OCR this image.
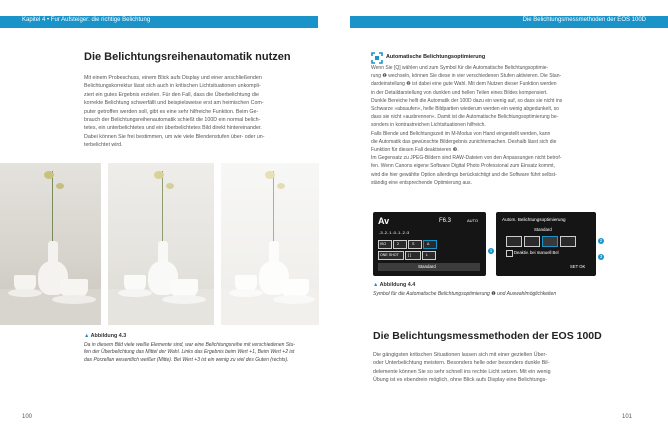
Kapitel 4 • Fur Aufsteiger: die richtige Belichtung	Die Belichtungsmessmethoden der EOS 100D
Die Belichtungsreihenautomatik nutzen
Mit einem Probeschuss, einem Blick aufs Display und einer anschließenden
Belichtungskorrektur lässt sich auch in kritischen Lichtsituationen unkompli-
ziert ein gutes Ergebnis erzielen. Für den Fall, dass die Überbelichtung die
korrekte Belichtung schwerfällt und beispielsweise erst am heimischen Com-
puter getroffen werden soll, gibt es eine sehr hilfreiche Funktion. Beim Ge-
brauch der Belichtungsreihenautomatik schießt die 100D ein normal belich-
tetes, ein unterbelichtetes und ein überbelichtetes Bild direkt hintereinander.
Dabei können Sie frei bestimmen, um wie viele Blendenstufen über- oder un-
terbelichtet wird.
▲ Abbildung 4.3
Da in diesem Bild viele weiße Elemente sind, war eine Belichtungsreihe mit verschiedenen Stu-
fen der Überbelichtung das Mittel der Wahl. Links das Ergebnis beim Wert +1, Beim Wert +2 ist
das Porzellan wesentlich weißer (Mitte). Bei Wert +3 ist ein wenig zu viel des Guten (rechts).
100
Automatische Belichtungsoptimierung
Wenn Sie [Q] wählen und zum Symbol für die Automatische Belichtungsoptimie-
rung ❶ wechseln, können Sie diese in vier verschiedenen Stufen aktivieren. Die Stan-
dardeinstellung ❷ ist dabei eine gute Wahl. Mit dem Nutzen dieser Funktion werden
in der Detaildarstellung von dunklen und hellen Teilen eines Bildes kompensiert.
Dunkle Bereiche hellt die Automatik der 100D dazu ein wenig auf, so dass sie nicht ins
Schwarze »absaufen«, helle Bildpartien wiederum werden ein wenig abgedunkelt, so
dass sie nicht »ausbrennen«. Damit ist die Automatische Belichtungsoptimierung be-
sonders in kontrastreichen Lichtsituationen hilfreich.
Falls Blende und Belichtungszeit im M-Modus von Hand eingestellt werden, kann
die Automatik das gewünschte Bildergebnis zunichtemachen. Deshalb lässt sich die
Funktion für diesen Fall deaktivieren ❸.
Im Gegensatz zu JPEG-Bildern sind RAW-Dateien von den Anpassungen nicht betrof-
fen. Wenn Canons eigene Software Digital Photo Professional zum Einsatz kommt,
wird die hier gewählte Option allerdings berücksichtigt und die Software führt selbst-
ständig eine entsprechende Optimierung aus.
Av	F6.3	AUTO
-3..2..1..0..1..2.:3
ISO	2	S	A
ONE SHOT	[ ]	L
Standard
1
Autom. Belichtungsoptimierung
Standard
Deaktiv. bei manuell Bel
SET OK
2
3
▲ Abbildung 4.4
Symbol für die Automatische Belichtungsoptimierung ❶ und Auswahlmöglichkeiten
Die Belichtungsmessmethoden der EOS 100D
Die gängigsten kritischen Situationen lassen sich mit einer gezielten Über-
oder Unterbelichtung meistern. Besonders helle oder besonders dunkle Bil-
delemente können Sie so sehr schnell ins rechte Licht setzen. Mit ein wenig
Übung ist es ebendrein möglich, ohne Blick aufs Display eine Belichtungs-
101
